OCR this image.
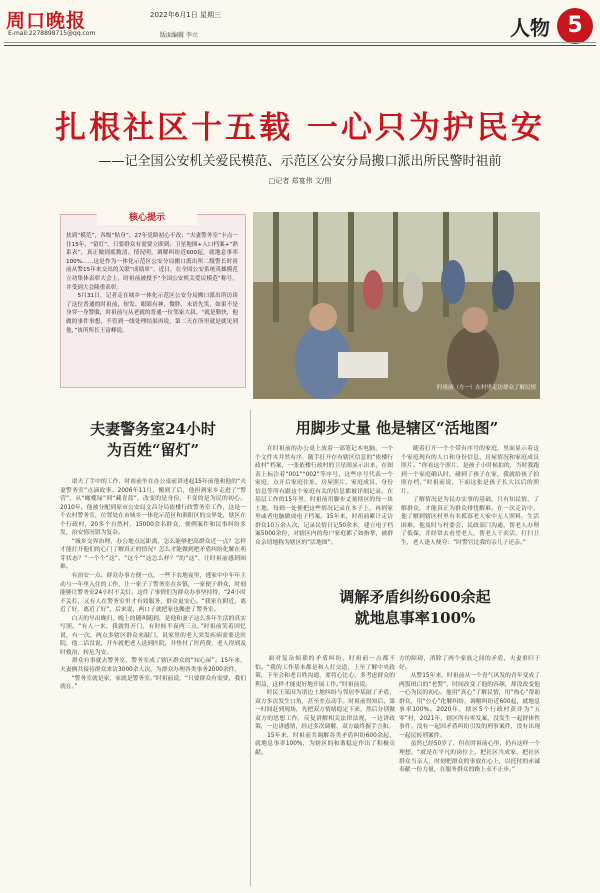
周口晚报
E-mail:2278898715@qq.com
2022年6月1日 星期三
版面编辑 李立	人物 5
扎根社区十五载 一心只为护民安
——记全国公安机关爱民模范、示范区公安分局搬口派出所民警时祖前
□记者 郑宴伟 文/图
核心提示
扶到“模范”，各级“贴身”。27年党龄初心不改；“夫妻警务室”卡点一住15年，“留灯”。只要群众有需要立即到；卫星地图+人口档案+“熟系表”，真正做到底数清、情况明，调解纠纷近600起，就地息事率100%……这是作为一体化示范区公安分局搬口派出所二级警长时祖前从警15年来交出的关联“成绩单”。近日，在全国公安系统英雄模范立功集体表彰大会上，时祖前被授予“全国公安机关爱民模范”称号，并受到大会隆重表彰。
　　5月31日，记者走在城乡一体化示范区公安分局搬口派出所访谈了这位普通的时祖前，短发、眼睛有神，微胖，未语先笑，如果不是身穿一身警服，时祖前与从老就的普通一位邻家大叔。“就是勤快，他做的事件事想，不管到一线处理结果再说，第二天在所里就是就见到他，”该所所长王富峰说。
时祖前（左一）在村里走访群众了解民情
夫妻警务室24小时
为百姓“留灯”
　　诺夫了手中的工作，时祖前坐在办公桌前讲述起15年前他和他的“夫妻警务室”点滴故事。2006年11月，搬到了后，他担到家乡走进了“警营”，从“橄榄绿”到“藏青蓝”，改变的是身份，不变的是为民的初心。2010年，他被分配到原市公安局文昌分局依楼行政警务室工作，这是一个农村警务室，位置处在市城乡一体化示范区和淮阳区的交界处，辖区在个行政村，20多个自然村，15000余名群众，便例案件和民事纠纷多发，治安情况错为复杂。
　　“城乡交界治理，办公地点远距离，怎么能够把高群众近一点？怎样才能打开他们的心门了解真正的情况？怎么才能做到把矛盾纠纷化解在萌芽状态？”一个个“这”、“这个”“这怎么样？”的“这”，让时祖前感到困难。
　　有治安一点。群众办事方便一点，一些下农地夜里，逃家中中年年主动与一年里入住的工作，让一家子了警务室在乡镇，一家便于群众，时刻能够让警务室24小时不关灯。这件了事情们为群众办事坚持得，“24小时不关灯，又有人在警务室里才有效服务，群众更安心。“我家在附近，离近了好，离近了好”，后来说，两口子就把家也搬进了警务室。
　　白天的早出晚归，晚上的随叫随到，是他和妻子这么多年生活的真实写照。“有人一来，我就得开门，有时候半夜两三点。”时祖前笑着回忆说，有一次，两点多辖区群众来敲门，说家里的老人突发疾病需要送医院，他二话没说，开车就把老人送到医院，并垫付了医药费，老人得到及时救治，转危为安。
　　群众有事就去警务室，警务室成了辖区群众的“知心屋”。15年来，夫妻俩共接待群众来访3000余人次，为群众办理各类事务2000余件。
　　“警务室就是家，家就是警务室。”时祖前说，“只要群众有需要，我们就在。”
用脚步丈量 他是辖区“活地图”
　　在时祖前的办公桌上放着一部笔记本电脑，一个个文件夹井然有序，随手打开存有辖区信息的“依楼行政村”档案，一张依楼行政村的卫星图显示出来，在图表上标注着“001”“002”等序号，这些序号代表一个家庭，点开后家庭住址、房屋照片、家庭成员、身份信息等所有跟这个家庭有关的信息都被详细记录。在基层工作的15年里，时祖前用脚步丈量辖区的每一块土地，每到一处便把这些情况记录在本子上，再到家里或者电脑做成电子档案。15年来，时祖前累计走访群众10万余人次，记录民情日记50余本，建立电子档案5000余份，对辖区内的每户家庭都了如指掌，被群众亲切地称为辖区的“活地图”。
　　随着打开一个个带有序号的家庭，里面显示着这个家庭现有的人口和身份信息、房屋情况和家庭成员照片。“你看这个照片，是孩子小时候拍的，当时我跑到一个家庭确认时，碰到了孩子在家，我就给孩子拍照存档。”时祖前说，下面这张是孩子长大以后的照片。
　　了解情况是为民办实事的基础，只有知民情、了解群众，才能真正为群众排忧解难。在一次走访中，他了解到辖区村里有名孤寡老人家中无人照料，生活困难，他及时与村委会、民政部门沟通，帮老人办理了低保，并经常去看望老人，帮老人干农活、打扫卫生，老人逢人便夸：“时警官比我的亲儿子还亲。”
调解矛盾纠纷600余起
就地息事率100%
　　面对复杂烦琐的矛盾纠纷，时祖前一点都不怕。“我的工作基本都是和人打交道，上至了解中央政策，下至会和老百姓沟通，要将心比心、多考虑群众的利益，这样才能更好地开展工作。”时祖前说。
　　时民王某因为诸边土地纠纷与邻居李某闹了矛盾，双方多次发生口角，甚至差点动手。时祖前得知后，第一时间赶到现场，先把双方情绪稳定下来，然后分别做双方的思想工作，反复讲解相关法律法规，一边讲政策，一边讲感情，经过多次调解，双方最终握手言和。
　　15年来，时祖前共调解各类矛盾纠纷600余起，就地息事率100%，为辖区的和谐稳定作出了积极贡献。
方的障碍，消除了两个家族之间的矛盾，夫妻重归于好。
　　从警15年来，时祖前从一个青气风发的青年变成了两鬓斑白的“老警”，时间改变了他的容颜，却没改变他一心为民的初心。他用“真心”了解民情，用“热心”帮助群众，用“公心”化解纠纷，调解纠纷近600起，就地息事率100%。2020年，辖区5个行政村获评为“五零”村，2021年，辖区所有零发案，没发生一起群体性事件。没有一起因矛盾纠纷引发的刑事案件，没有出现一起民转刑案件。
　　虽然已经50岁了，但在时祖前心里，仍有这样一个理想，“就是在平凡的岗位上，把社区当成家，把社区群众当亲人，时刻把群众的事放在心上，以托付的赤诚奉献一份力量，在服务群众的路上永不止步。”
